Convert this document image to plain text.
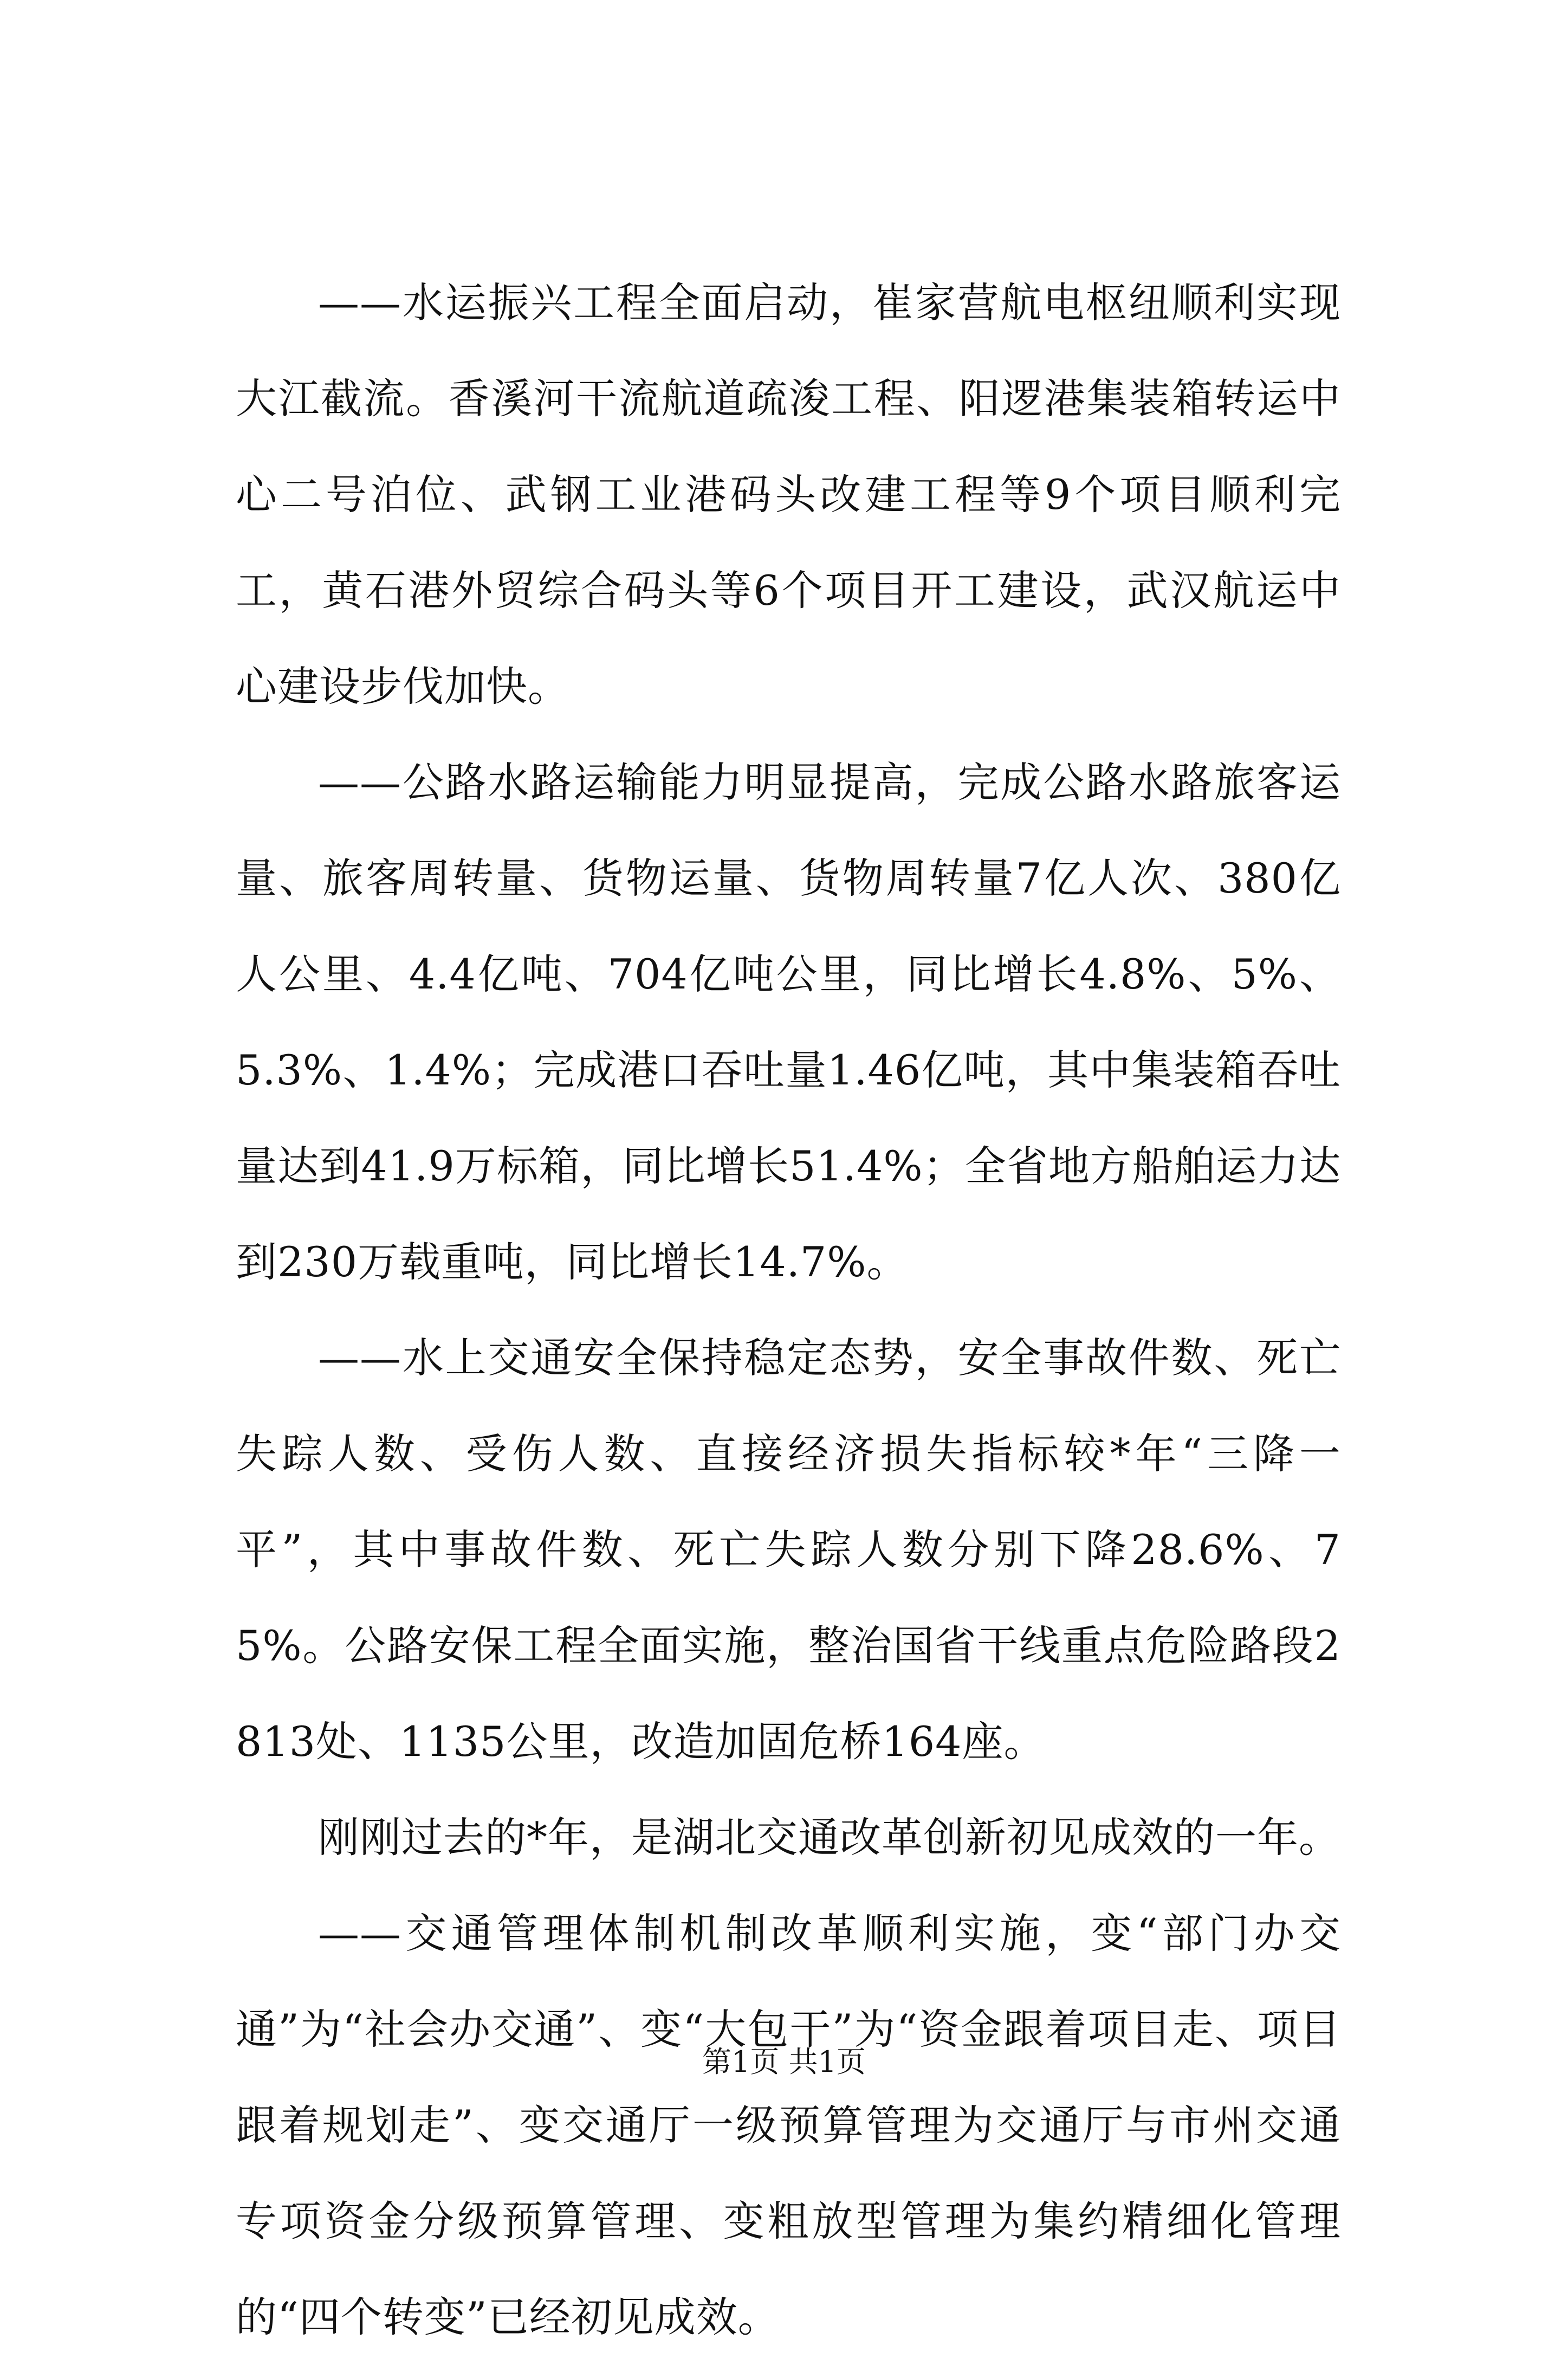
——水运振兴工程全面启动，崔家营航电枢纽顺利实现大江截流。香溪河干流航道疏浚工程、阳逻港集装箱转运中心二号泊位、武钢工业港码头改建工程等9个项目顺利完工，黄石港外贸综合码头等6个项目开工建设，武汉航运中心建设步伐加快。

——公路水路运输能力明显提高，完成公路水路旅客运量、旅客周转量、货物运量、货物周转量7亿人次、380亿人公里、4.4亿吨、704亿吨公里，同比增长4.8%、5%、5.3%、1.4%；完成港口吞吐量1.46亿吨，其中集装箱吞吐量达到41.9万标箱，同比增长51.4%；全省地方船舶运力达到230万载重吨，同比增长14.7%。

——水上交通安全保持稳定态势，安全事故件数、死亡失踪人数、受伤人数、直接经济损失指标较*年“三降一平”，其中事故件数、死亡失踪人数分别下降28.6%、75%。公路安保工程全面实施，整治国省干线重点危险路段2813处、1135公里，改造加固危桥164座。

刚刚过去的*年，是湖北交通改革创新初见成效的一年。

——交通管理体制机制改革顺利实施，变“部门办交通”为“社会办交通”、变“大包干”为“资金跟着项目走、项目跟着规划走”、变交通厅一级预算管理为交通厅与市州交通专项资金分级预算管理、变粗放型管理为集约精细化管理的“四个转变”已经初见成效。

第1页 共1页
